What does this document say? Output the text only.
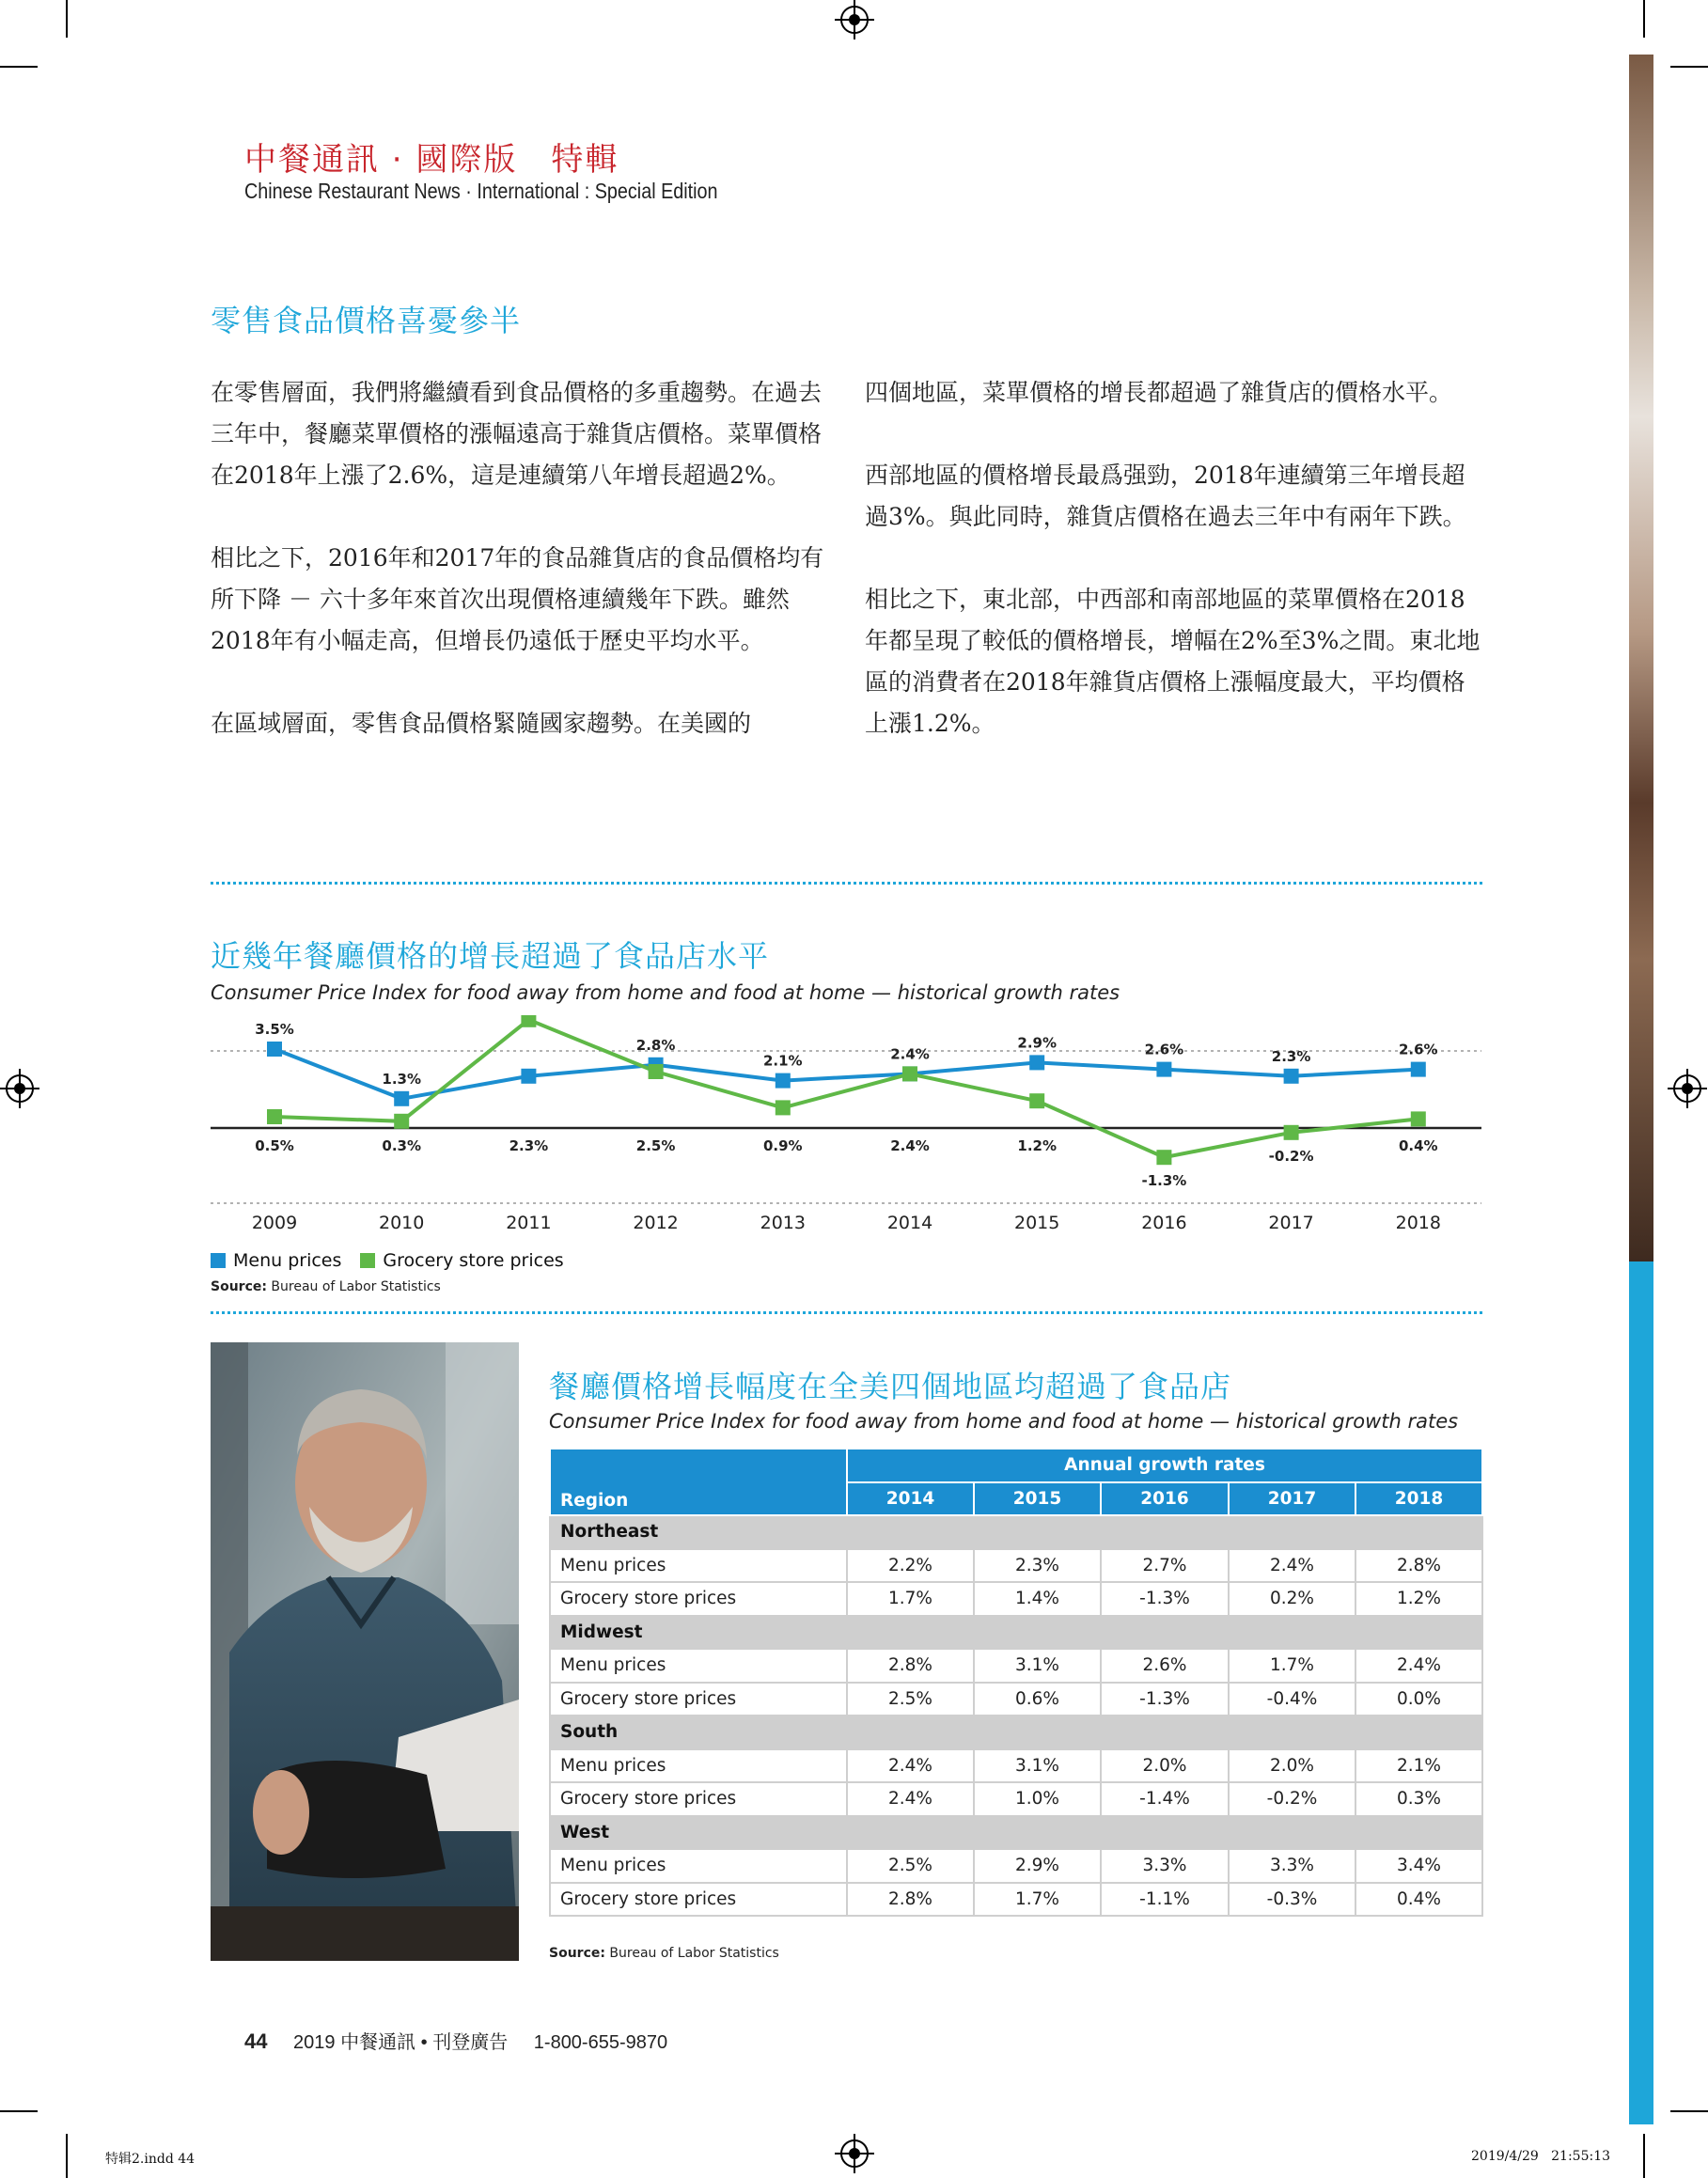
中餐通訊 · 國際版　特輯
Chinese Restaurant News · International : Special Edition
零售食品價格喜憂參半

在零售層面，我們將繼續看到食品價格的多重趨勢。在過去三年中，餐廳菜單價格的漲幅遠高于雜貨店價格。菜單價格在2018年上漲了2.6%，這是連續第八年增長超過2%。

相比之下，2016年和2017年的食品雜貨店的食品價格均有所下降 － 六十多年來首次出現價格連續幾年下跌。雖然2018年有小幅走高，但增長仍遠低于歷史平均水平。

在區域層面，零售食品價格緊隨國家趨勢。在美國的

四個地區，菜單價格的增長都超過了雜貨店的價格水平。

西部地區的價格增長最爲强勁，2018年連續第三年增長超過3%。與此同時，雜貨店價格在過去三年中有兩年下跌。

相比之下，東北部，中西部和南部地區的菜單價格在2018年都呈現了較低的價格增長，增幅在2%至3%之間。東北地區的消費者在2018年雜貨店價格上漲幅度最大，平均價格上漲1.2%。

近幾年餐廳價格的增長超過了食品店水平
Consumer Price Index for food away from home and food at home — historical growth rates
3.5%
0.5%
1.3%
0.3%	2.3%
2.8%
2.5%
2.1%
0.9%
2.4%
2.4%
2.9%
1.2%
2.6%
-1.3%
2.3%
-0.2%
2.6%
0.4%
2009	2010	2011	2012	2013	2014	2015	2016	2017	2018
Menu prices Grocery store prices
Source: Bureau of Labor Statistics
餐廳價格增長幅度在全美四個地區均超過了食品店
Consumer Price Index for food away from home and food at home — historical growth rates
Region	Annual growth rates				
	2014	2015	2016	2017	2018
Northeast					
Menu prices	2.2%	2.3%	2.7%	2.4%	2.8%
Grocery store prices	1.7%	1.4%	-1.3%	0.2%	1.2%
Midwest					
Menu prices	2.8%	3.1%	2.6%	1.7%	2.4%
Grocery store prices	2.5%	0.6%	-1.3%	-0.4%	0.0%
South					
Menu prices	2.4%	3.1%	2.0%	2.0%	2.1%
Grocery store prices	2.4%	1.0%	-1.4%	-0.2%	0.3%
West					
Menu prices	2.5%	2.9%	3.3%	3.3%	3.4%
Grocery store prices	2.8%	1.7%	-1.1%	-0.3%	0.4%
Source: Bureau of Labor Statistics
44 2019 中餐通訊 • 刊登廣告 1-800-655-9870
特辑2.indd 44	2019/4/29   21:55:13
